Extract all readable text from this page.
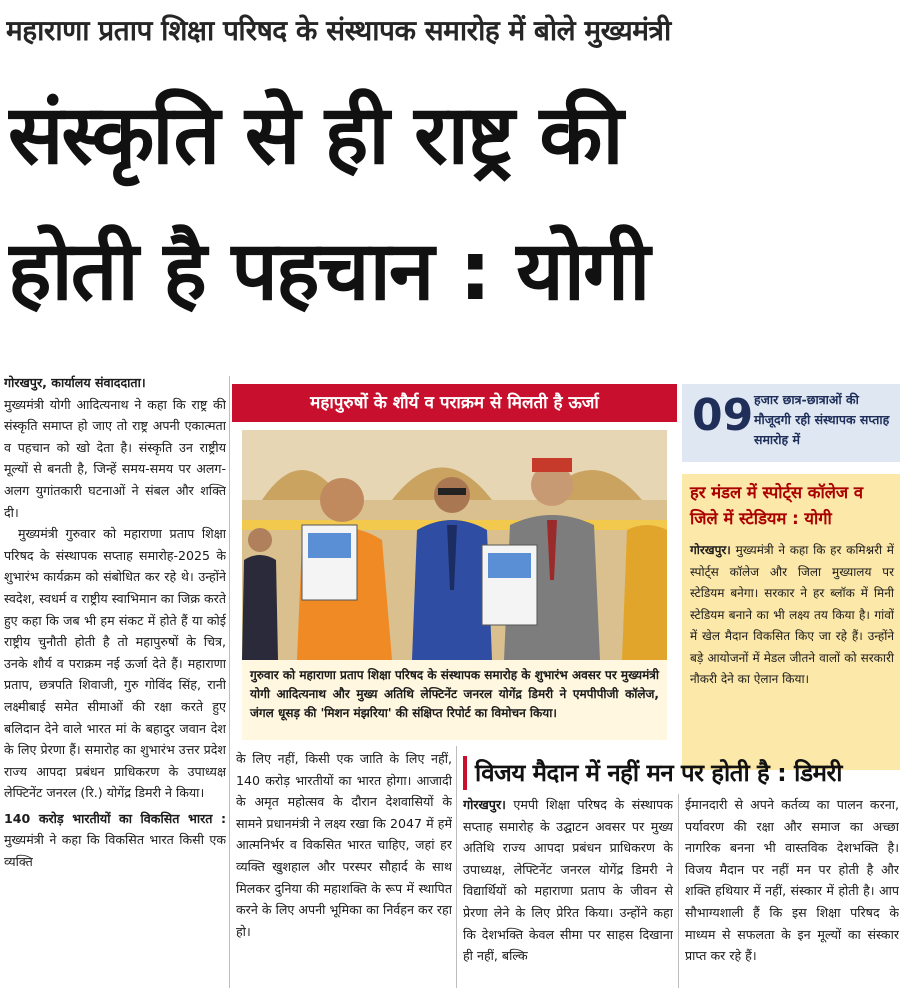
महाराणा प्रताप शिक्षा परिषद के संस्थापक समारोह में बोले मुख्यमंत्री
संस्कृति से ही राष्ट्र की
होती है पहचान : योगी

गोरखपुर, कार्यालय संवाददाता।

मुख्यमंत्री योगी आदित्यनाथ ने कहा कि राष्ट्र की संस्कृति समाप्त हो जाए तो राष्ट्र अपनी एकात्मता व पहचान को खो देता है। संस्कृति उन राष्ट्रीय मूल्यों से बनती है, जिन्हें समय-समय पर अलग-अलग युगांतकारी घटनाओं ने संबल और शक्ति दी।

मुख्यमंत्री गुरुवार को महाराणा प्रताप शिक्षा परिषद के संस्थापक सप्ताह समारोह-2025 के शुभारंभ कार्यक्रम को संबोधित कर रहे थे। उन्होंने स्वदेश, स्वधर्म व राष्ट्रीय स्वाभिमान का जिक्र करते हुए कहा कि जब भी हम संकट में होते हैं या कोई राष्ट्रीय चुनौती होती है तो महापुरुषों के चित्र, उनके शौर्य व पराक्रम नई ऊर्जा देते हैं। महाराणा प्रताप, छत्रपति शिवाजी, गुरु गोविंद सिंह, रानी लक्ष्मीबाई समेत सीमाओं की रक्षा करते हुए बलिदान देने वाले भारत मां के बहादुर जवान देश के लिए प्रेरणा हैं। समारोह का शुभारंभ उत्तर प्रदेश राज्य आपदा प्रबंधन प्राधिकरण के उपाध्यक्ष लेफ्टिनेंट जनरल (रि.) योगेंद्र डिमरी ने किया।

140 करोड़ भारतीयों का विकसित भारत : मुख्यमंत्री ने कहा कि विकसित भारत किसी एक व्यक्ति

महापुरुषों के शौर्य व पराक्रम से मिलती है ऊर्जा
गुरुवार को महाराणा प्रताप शिक्षा परिषद के संस्थापक समारोह के शुभारंभ अवसर पर मुख्यमंत्री योगी आदित्यनाथ और मुख्य अतिथि लेफ्टिनेंट जनरल योगेंद्र डिमरी ने एमपीपीजी कॉलेज, जंगल धूसड़ की 'मिशन मंझरिया' की संक्षिप्त रिपोर्ट का विमोचन किया।
09 हजार छात्र-छात्राओं की मौजूदगी रही संस्थापक सप्ताह समारोह में
हर मंडल में स्पोर्ट्स कॉलेज व जिले में स्टेडियम : योगी
गोरखपुर। मुख्यमंत्री ने कहा कि हर कमिश्नरी में स्पोर्ट्स कॉलेज और जिला मुख्यालय पर स्टेडियम बनेगा। सरकार ने हर ब्लॉक में मिनी स्टेडियम बनाने का भी लक्ष्य तय किया है। गांवों में खेल मैदान विकसित किए जा रहे हैं। उन्होंने बड़े आयोजनों में मेडल जीतने वालों को सरकारी नौकरी देने का ऐलान किया।
के लिए नहीं, किसी एक जाति के लिए नहीं, 140 करोड़ भारतीयों का भारत होगा। आजादी के अमृत महोत्सव के दौरान देशवासियों के सामने प्रधानमंत्री ने लक्ष्य रखा कि 2047 में हमें आत्मनिर्भर व विकसित भारत चाहिए, जहां हर व्यक्ति खुशहाल और परस्पर सौहार्द के साथ मिलकर दुनिया की महाशक्ति के रूप में स्थापित करने के लिए अपनी भूमिका का निर्वहन कर रहा हो।
विजय मैदान में नहीं मन पर होती है : डिमरी
गोरखपुर। एमपी शिक्षा परिषद के संस्थापक सप्ताह समारोह के उद्घाटन अवसर पर मुख्य अतिथि राज्य आपदा प्रबंधन प्राधिकरण के उपाध्यक्ष, लेफ्टिनेंट जनरल योगेंद्र डिमरी ने विद्यार्थियों को महाराणा प्रताप के जीवन से प्रेरणा लेने के लिए प्रेरित किया। उन्होंने कहा कि देशभक्ति केवल सीमा पर साहस दिखाना ही नहीं, बल्कि
ईमानदारी से अपने कर्तव्य का पालन करना, पर्यावरण की रक्षा और समाज का अच्छा नागरिक बनना भी वास्तविक देशभक्ति है। विजय मैदान पर नहीं मन पर होती है और शक्ति हथियार में नहीं, संस्कार में होती है। आप सौभाग्यशाली हैं कि इस शिक्षा परिषद के माध्यम से सफलता के इन मूल्यों का संस्कार प्राप्त कर रहे हैं।
